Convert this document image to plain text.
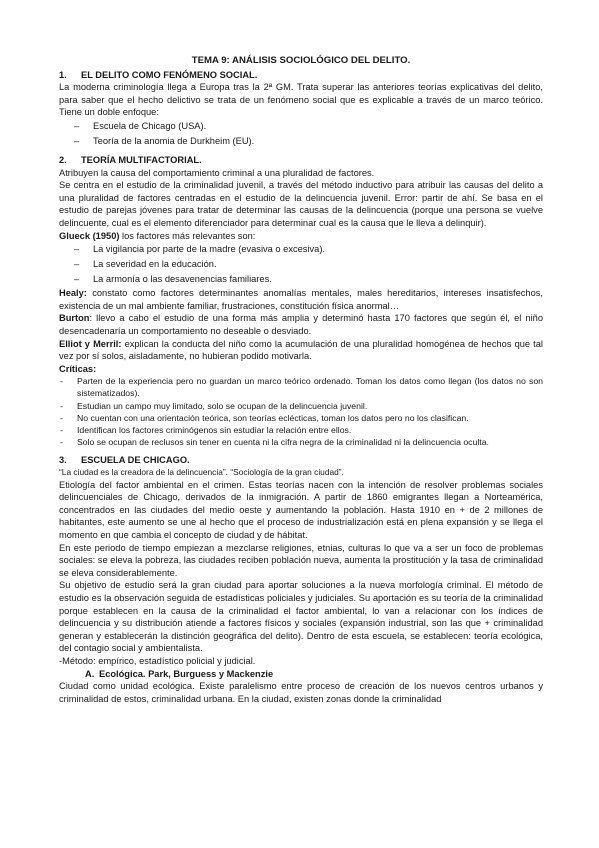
TEMA 9: ANÁLISIS SOCIOLÓGICO DEL DELITO.
1. EL DELITO COMO FENÓMENO SOCIAL.

La moderna criminología llega a Europa tras la 2ª GM. Trata superar las anteriores teorías explicativas del delito, para saber que el hecho delictivo se trata de un fenómeno social que es explicable a través de un marco teórico. Tiene un doble enfoque:

– Escuela de Chicago (USA).
– Teoría de la anomia de Durkheim (EU).
2. TEORÍA MULTIFACTORIAL.

Atribuyen la causa del comportamiento criminal a una pluralidad de factores.

Se centra en el estudio de la criminalidad juvenil, a través del método inductivo para atribuir las causas del delito a una pluralidad de factores centradas en el estudio de la delincuencia juvenil. Error: partir de ahí. Se basa en el estudio de parejas jóvenes para tratar de determinar las causas de la delincuencia (porque una persona se vuelve delincuente, cual es el elemento diferenciador para determinar cual es la causa que le lleva a delinquir).

Glueck (1950) los factores más relevantes son:

– La vigilancia por parte de la madre (evasiva o excesiva).
– La severidad en la educación.
– La armonía o las desavenencias familiares.

Healy: constato como factores determinantes anomalías mentales, males hereditarios, intereses insatisfechos, existencia de un mal ambiente familiar, frustraciones, constitución física anormal…

Burton: llevo a cabo el estudio de una forma más amplia y determinó hasta 170 factores que según él, el niño desencadenaría un comportamiento no deseable o desviado.

Elliot y Merril: explican la conducta del niño como la acumulación de una pluralidad homogénea de hechos que tal vez por sí solos, aisladamente, no hubieran podido motivarla.

Críticas:

- Parten de la experiencia pero no guardan un marco teórico ordenado. Toman los datos como llegan (los datos no son sistematizados).
- Estudian un campo muy limitado, solo se ocupan de la delincuencia juvenil.
- No cuentan con una orientación teórica, son teorías eclécticas, toman los datos pero no los clasifican.
- Identifican los factores criminógenos sin estudiar la relación entre ellos.
- Solo se ocupan de reclusos sin tener en cuenta ni la cifra negra de la criminalidad ni la delincuencia oculta.
3. ESCUELA DE CHICAGO.

“La ciudad es la creadora de la delincuencia”. “Sociología de la gran ciudad”.

Etiología del factor ambiental en el crimen. Estas teorías nacen con la intención de resolver problemas sociales delincuenciales de Chicago, derivados de la inmigración. A partir de 1860 emigrantes llegan a Norteamérica, concentrados en las ciudades del medio oeste y aumentando la población. Hasta 1910 en + de 2 millones de habitantes, este aumento se une al hecho que el proceso de industrialización está en plena expansión y se llega el momento en que cambia el concepto de ciudad y de hábitat.

En este periodo de tiempo empiezan a mezclarse religiones, etnias, culturas lo que va a ser un foco de problemas sociales: se eleva la pobreza, las ciudades reciben población nueva, aumenta la prostitución y la tasa de criminalidad se eleva considerablemente.

Su objetivo de estudio será la gran ciudad para aportar soluciones a la nueva morfología criminal. El método de estudio es la observación seguida de estadísticas policiales y judiciales. Su aportación es su teoría de la criminalidad porque establecen en la causa de la criminalidad el factor ambiental, lo van a relacionar con los índices de delincuencia y su distribución atiende a factores físicos y sociales (expansión industrial, son las que + criminalidad generan y establecerán la distinción geográfica del delito). Dentro de esta escuela, se establecen: teoría ecológica, del contagio social y ambientalista.

-Método: empírico, estadístico policial y judicial.

A. Ecológica. Park, Burguess y Mackenzie

Ciudad como unidad ecológica. Existe paralelismo entre proceso de creación de los nuevos centros urbanos y criminalidad de estos, criminalidad urbana. En la ciudad, existen zonas donde la criminalidad
